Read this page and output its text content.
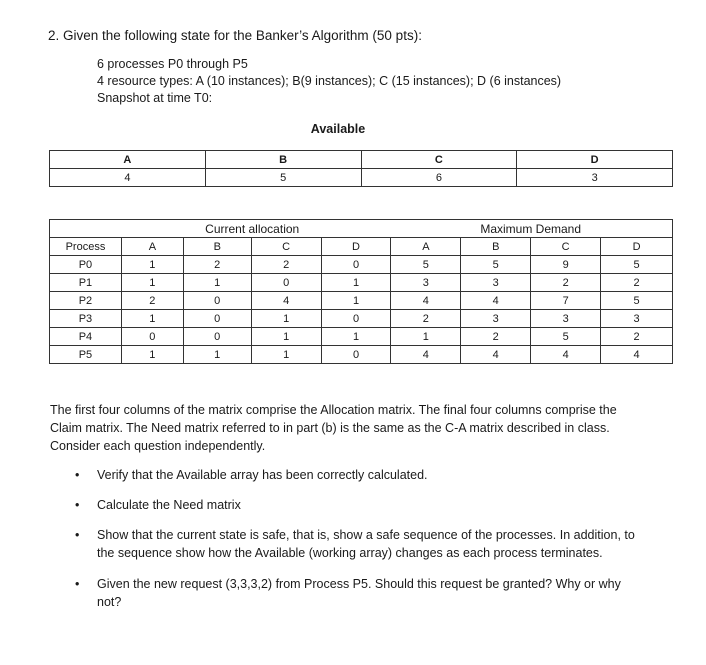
2. Given the following state for the Banker’s Algorithm (50 pts):
6 processes P0 through P5
4 resource types: A (10 instances); B(9 instances); C (15 instances); D (6 instances)
Snapshot at time T0:
Available
A	B	C	D
4	5	6	3
		Current allocation				Maximum Demand		
Process	A	B	C	D	A	B	C	D
P0	1	2	2	0	5	5	9	5
P1	1	1	0	1	3	3	2	2
P2	2	0	4	1	4	4	7	5
P3	1	0	1	0	2	3	3	3
P4	0	0	1	1	1	2	5	2
P5	1	1	1	0	4	4	4	4
The first four columns of the matrix comprise the Allocation matrix. The final four columns comprise the Claim matrix. The Need matrix referred to in part (b) is the same as the C-A matrix described in class. Consider each question independently.
• Verify that the Available array has been correctly calculated.
• Calculate the Need matrix
• Show that the current state is safe, that is, show a safe sequence of the processes. In addition, to the sequence show how the Available (working array) changes as each process terminates.
• Given the new request (3,3,3,2) from Process P5. Should this request be granted? Why or why not?
